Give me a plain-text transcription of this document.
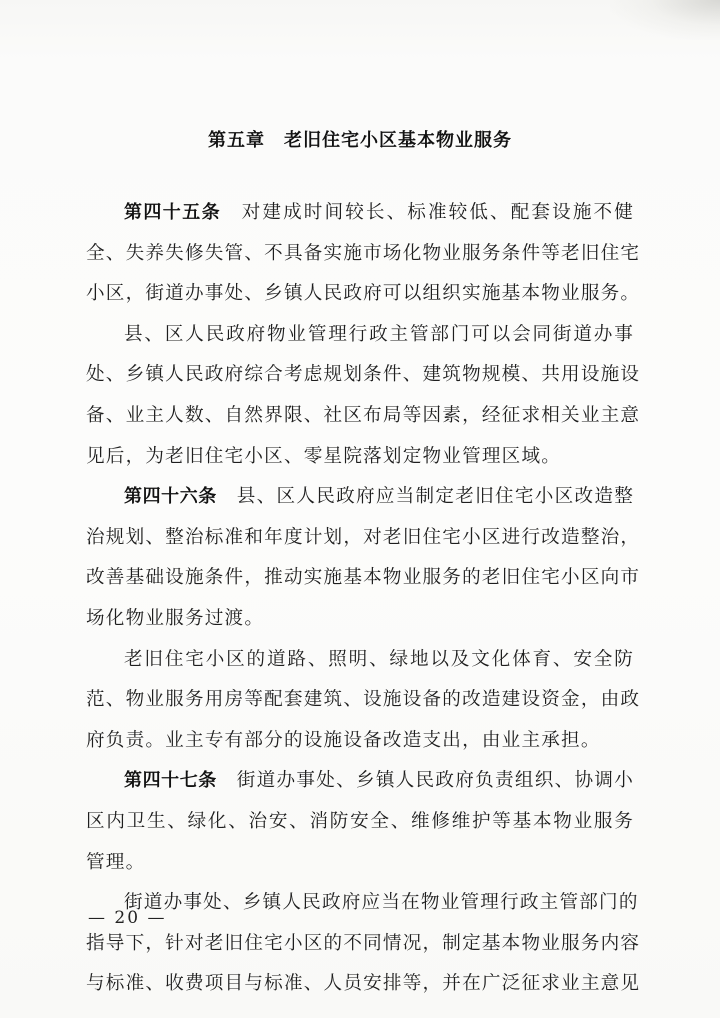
第五章　老旧住宅小区基本物业服务
第四十五条　 对建成时间较长、标准较低、配套设施不健
全、失养失修失管、不具备实施市场化物业服务条件等老旧住宅
小区，街道办事处、乡镇人民政府可以组织实施基本物业服务。
县、区人民政府物业管理行政主管部门可以会同街道办事
处、乡镇人民政府综合考虑规划条件、建筑物规模、共用设施设
备、业主人数、自然界限、社区布局等因素，经征求相关业主意
见后，为老旧住宅小区、零星院落划定物业管理区域。
第四十六条　 县、区人民政府应当制定老旧住宅小区改造整
治规划、整治标准和年度计划，对老旧住宅小区进行改造整治，
改善基础设施条件，推动实施基本物业服务的老旧住宅小区向市
场化物业服务过渡。
老旧住宅小区的道路、照明、绿地以及文化体育、安全防
范、物业服务用房等配套建筑、设施设备的改造建设资金，由政
府负责。业主专有部分的设施设备改造支出，由业主承担。
第四十七条　 街道办事处、乡镇人民政府负责组织、协调小
区内卫生、绿化、治安、消防安全、维修维护等基本物业服务
管理。
街道办事处、乡镇人民政府应当在物业管理行政主管部门的
指导下，针对老旧住宅小区的不同情况，制定基本物业服务内容
与标准、收费项目与标准、人员安排等，并在广泛征求业主意见
— 20 —
